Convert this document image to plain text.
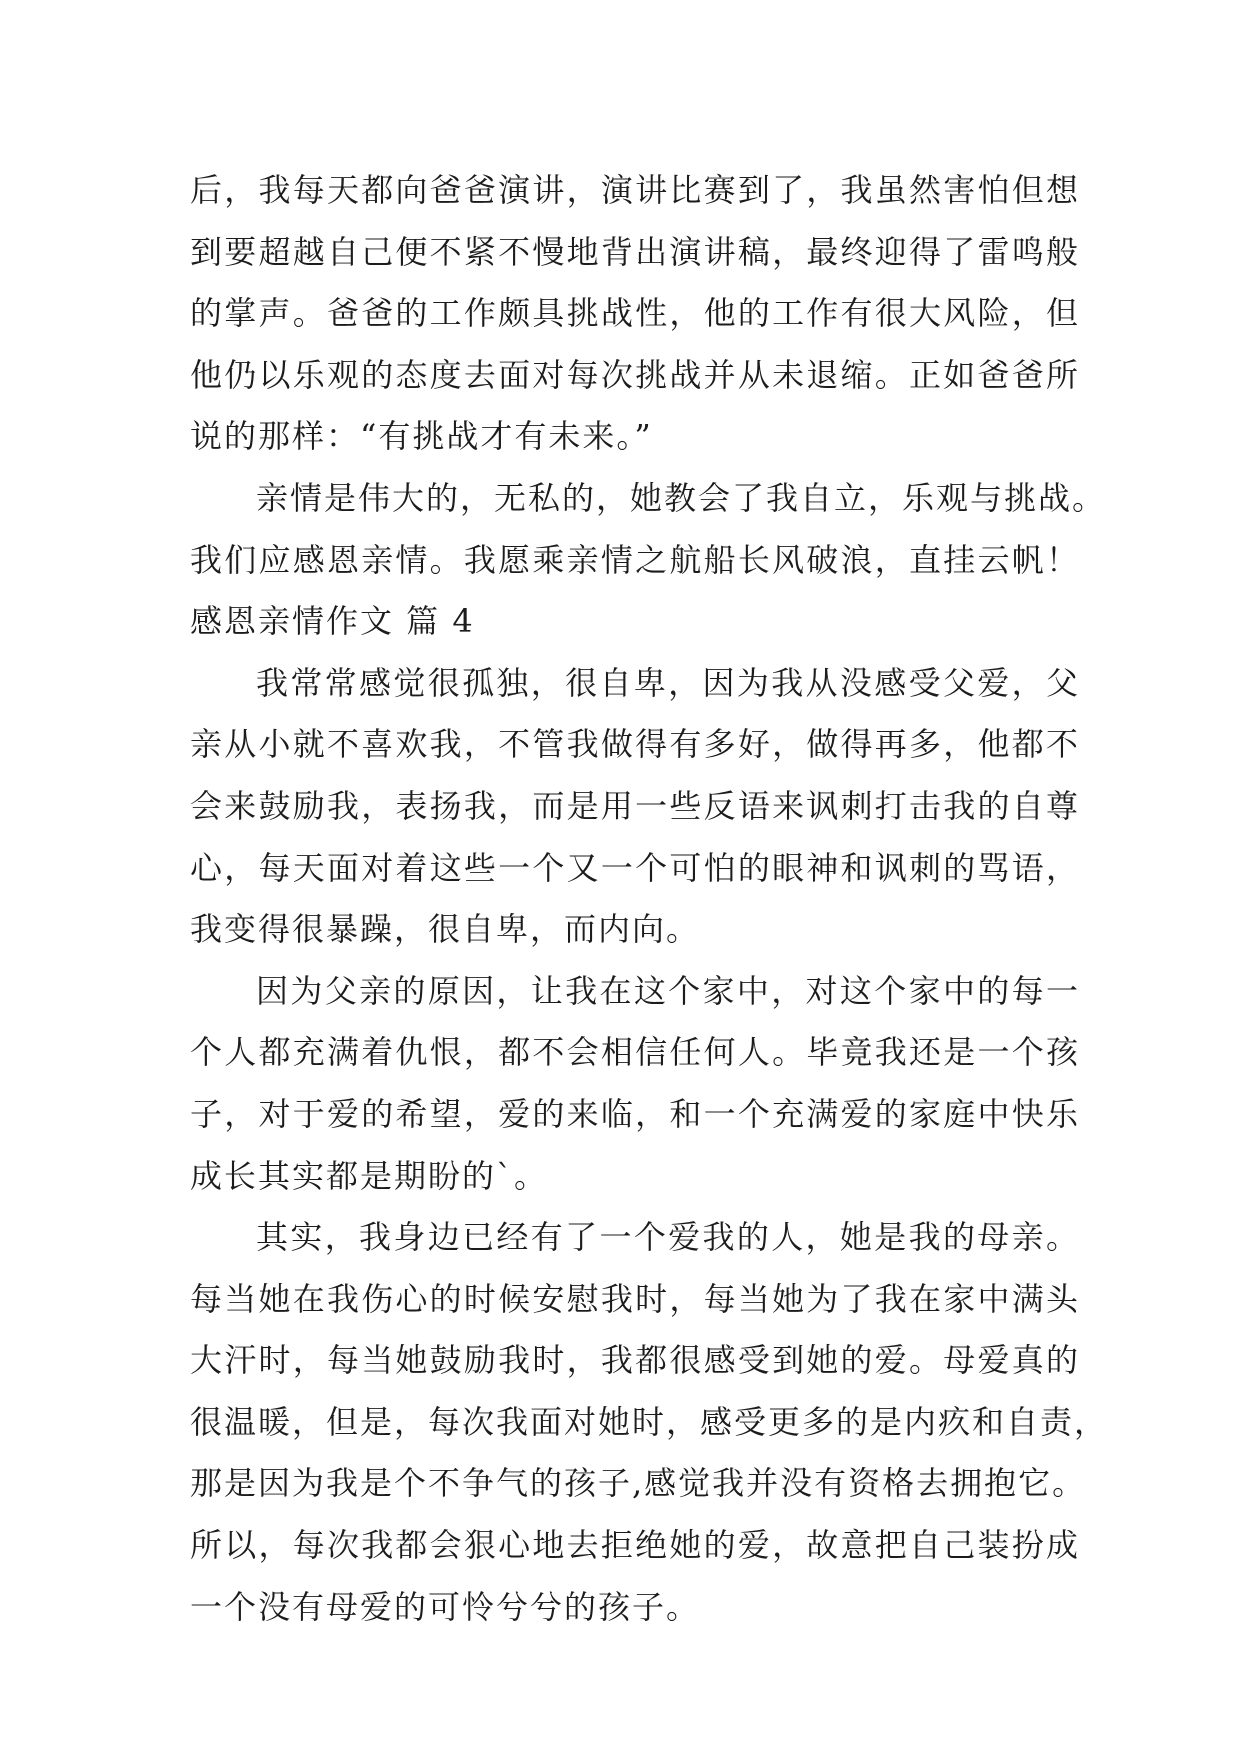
后，我每天都向爸爸演讲，演讲比赛到了，我虽然害怕但想
到要超越自己便不紧不慢地背出演讲稿，最终迎得了雷鸣般
的掌声。爸爸的工作颇具挑战性，他的工作有很大风险，但
他仍以乐观的态度去面对每次挑战并从未退缩。正如爸爸所
说的那样：“有挑战才有未来。”
亲情是伟大的，无私的，她教会了我自立，乐观与挑战。
我们应感恩亲情。我愿乘亲情之航船长风破浪，直挂云帆！
感恩亲情作文 篇 4
我常常感觉很孤独，很自卑，因为我从没感受父爱，父
亲从小就不喜欢我，不管我做得有多好，做得再多，他都不
会来鼓励我，表扬我，而是用一些反语来讽刺打击我的自尊
心，每天面对着这些一个又一个可怕的眼神和讽刺的骂语，
我变得很暴躁，很自卑，而内向。
因为父亲的原因，让我在这个家中，对这个家中的每一
个人都充满着仇恨，都不会相信任何人。毕竟我还是一个孩
子，对于爱的希望，爱的来临，和一个充满爱的家庭中快乐
成长其实都是期盼的`。
其实，我身边已经有了一个爱我的人，她是我的母亲。
每当她在我伤心的时候安慰我时，每当她为了我在家中满头
大汗时，每当她鼓励我时，我都很感受到她的爱。母爱真的
很温暖，但是，每次我面对她时，感受更多的是内疚和自责，
那是因为我是个不争气的孩子,感觉我并没有资格去拥抱它。
所以，每次我都会狠心地去拒绝她的爱，故意把自己装扮成
一个没有母爱的可怜兮兮的孩子。
